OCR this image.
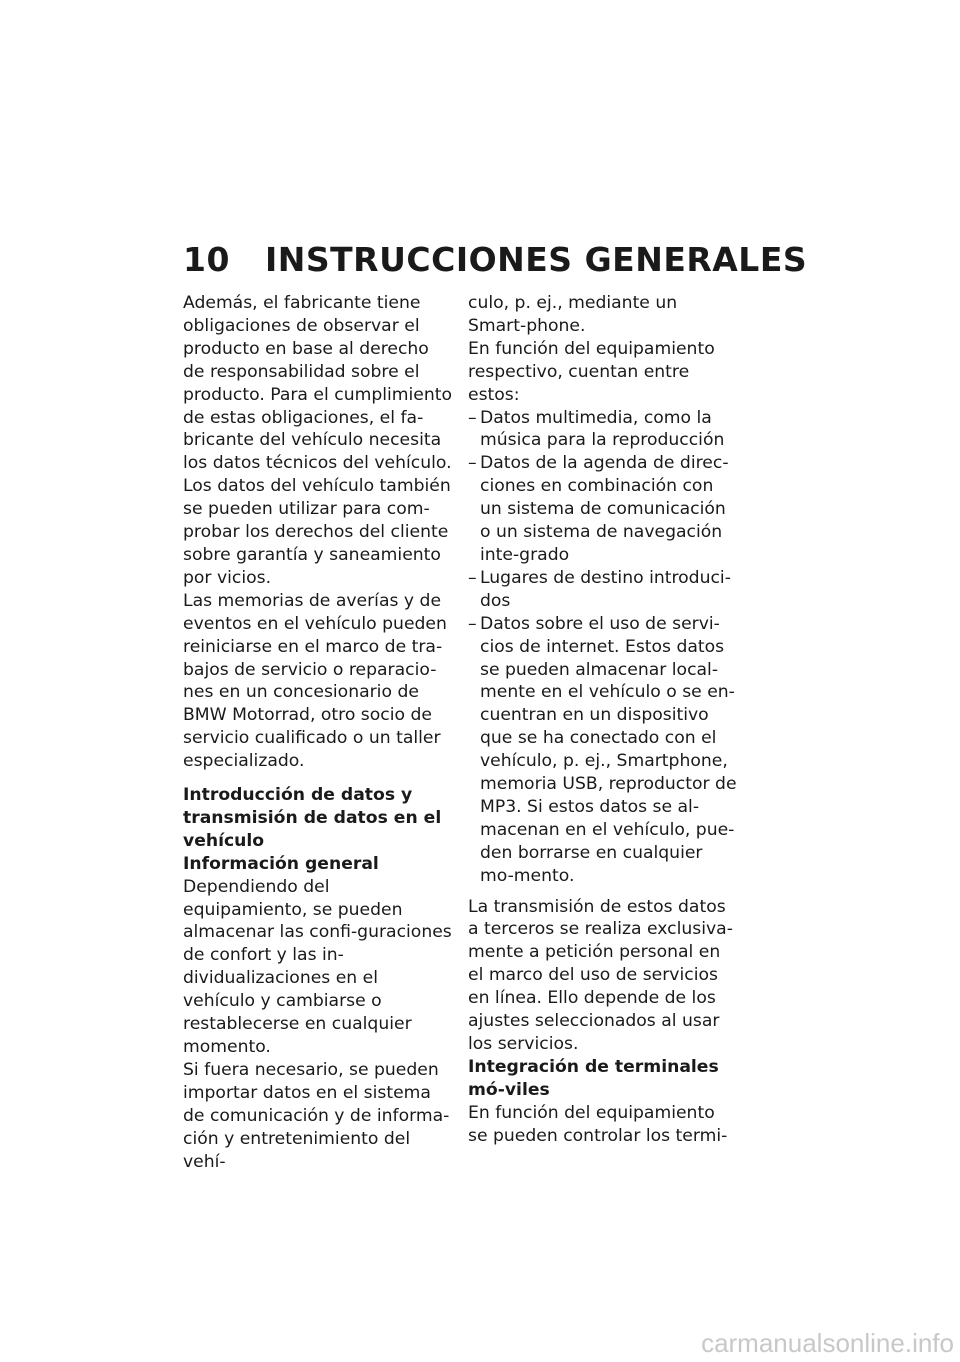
10 INSTRUCCIONES GENERALES

Además, el fabricante tiene obligaciones de observar el producto en base al derecho de responsabilidad sobre el producto. Para el cumplimiento de estas obligaciones, el fa-bricante del vehículo necesita los datos técnicos del vehículo.

Los datos del vehículo también se pueden utilizar para com-probar los derechos del cliente sobre garantía y saneamiento por vicios.

Las memorias de averías y de eventos en el vehículo pueden reiniciarse en el marco de tra-bajos de servicio o reparacio-nes en un concesionario de BMW Motorrad, otro socio de servicio cualificado o un taller especializado.

Introducción de datos y transmisión de datos en el vehículo
Información general

Dependiendo del equipamiento, se pueden almacenar las confi-guraciones de confort y las in-dividualizaciones en el vehículo y cambiarse o restablecerse en cualquier momento.

Si fuera necesario, se pueden importar datos en el sistema de comunicación y de informa-ción y entretenimiento del vehí-

culo, p. ej., mediante un Smart-phone.

En función del equipamiento respectivo, cuentan entre estos:

– Datos multimedia, como la música para la reproducción
– Datos de la agenda de direc-ciones en combinación con un sistema de comunicación o un sistema de navegación inte-grado
– Lugares de destino introduci-dos
– Datos sobre el uso de servi-cios de internet. Estos datos se pueden almacenar local-mente en el vehículo o se en-cuentran en un dispositivo que se ha conectado con el vehículo, p. ej., Smartphone, memoria USB, reproductor de MP3. Si estos datos se al-macenan en el vehículo, pue-den borrarse en cualquier mo-mento.

La transmisión de estos datos a terceros se realiza exclusiva-mente a petición personal en el marco del uso de servicios en línea. Ello depende de los ajustes seleccionados al usar los servicios.

Integración de terminales mó-viles

En función del equipamiento se pueden controlar los termi-

carmanualsonline.info
